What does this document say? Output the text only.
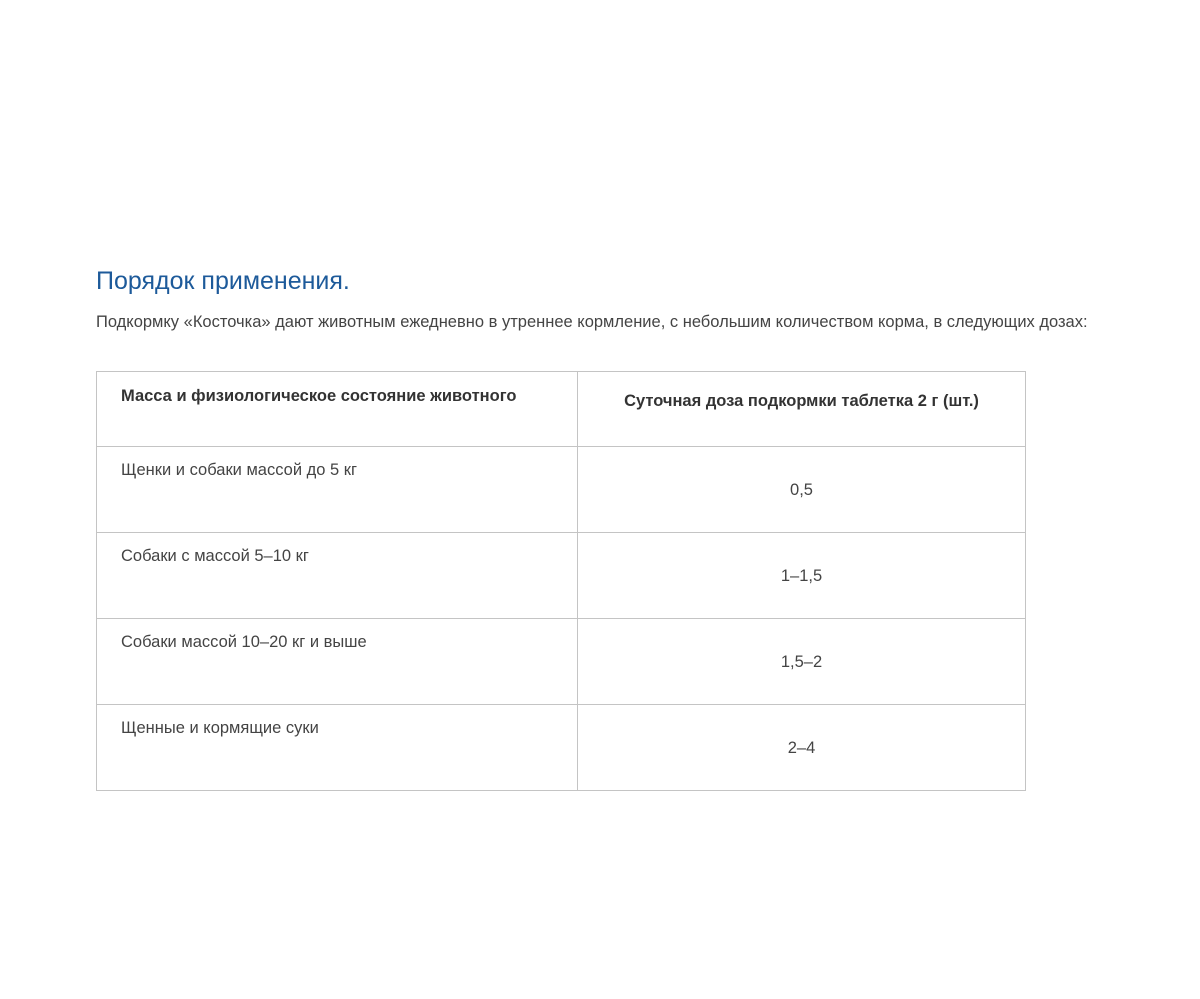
Порядок применения.

Подкормку «Косточка» дают животным ежедневно в утреннее кормление, с небольшим количеством корма, в следующих дозах:

Масса и физиологическое состояние животного	Суточная доза подкормки таблетка 2 г (шт.)
Щенки и собаки массой до 5 кг	0,5
Собаки с массой 5–10 кг	1–1,5
Собаки массой 10–20 кг и выше	1,5–2
Щенные и кормящие суки	2–4
